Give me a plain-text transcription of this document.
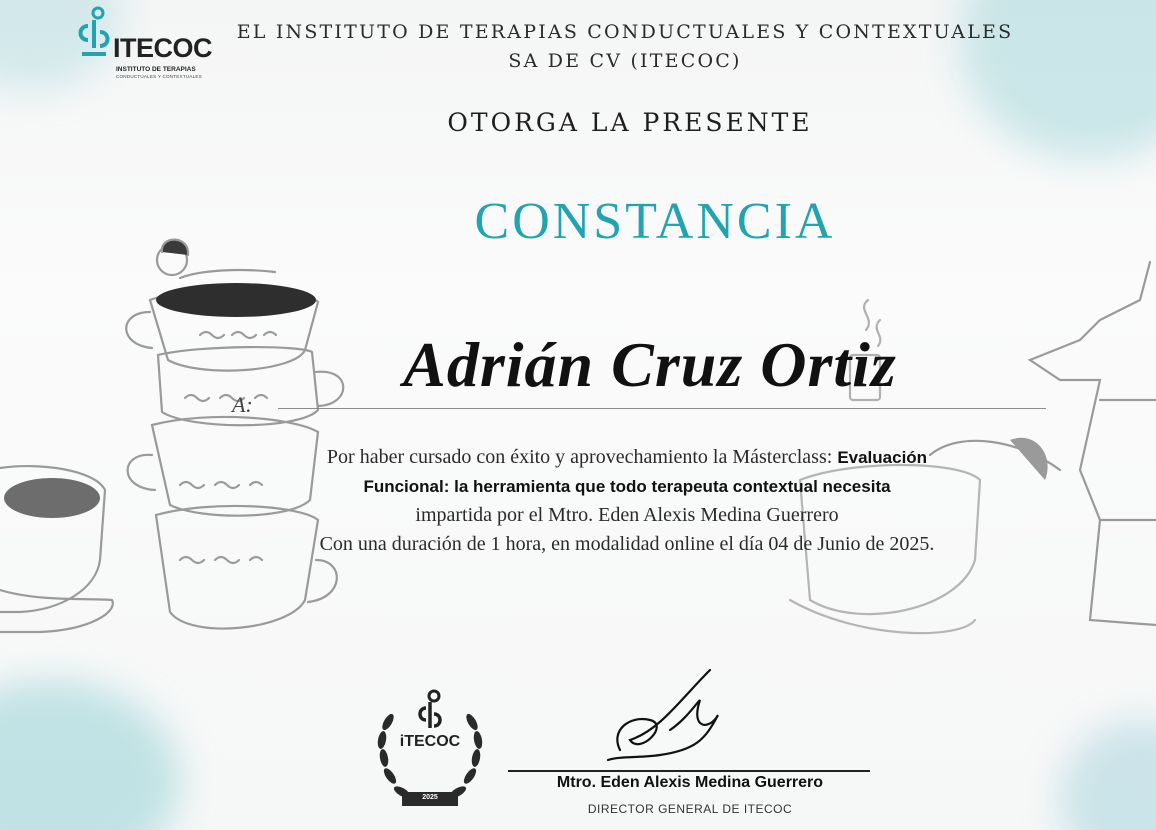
ITECOC
INSTITUTO DE TERAPIAS
CONDUCTUALES Y CONTEXTUALES
EL INSTITUTO DE TERAPIAS CONDUCTUALES Y CONTEXTUALES
SA DE CV (ITECOC)
OTORGA LA PRESENTE
CONSTANCIA
A:
Adrián Cruz Ortiz
Por haber cursado con éxito y aprovechamiento la Másterclass: Evaluación
Funcional: la herramienta que todo terapeuta contextual necesita
impartida por el Mtro. Eden Alexis Medina Guerrero
Con una duración de 1 hora, en modalidad online el día 04 de Junio de 2025.
iTECOC
2025
Mtro. Eden Alexis Medina Guerrero
DIRECTOR GENERAL DE ITECOC
